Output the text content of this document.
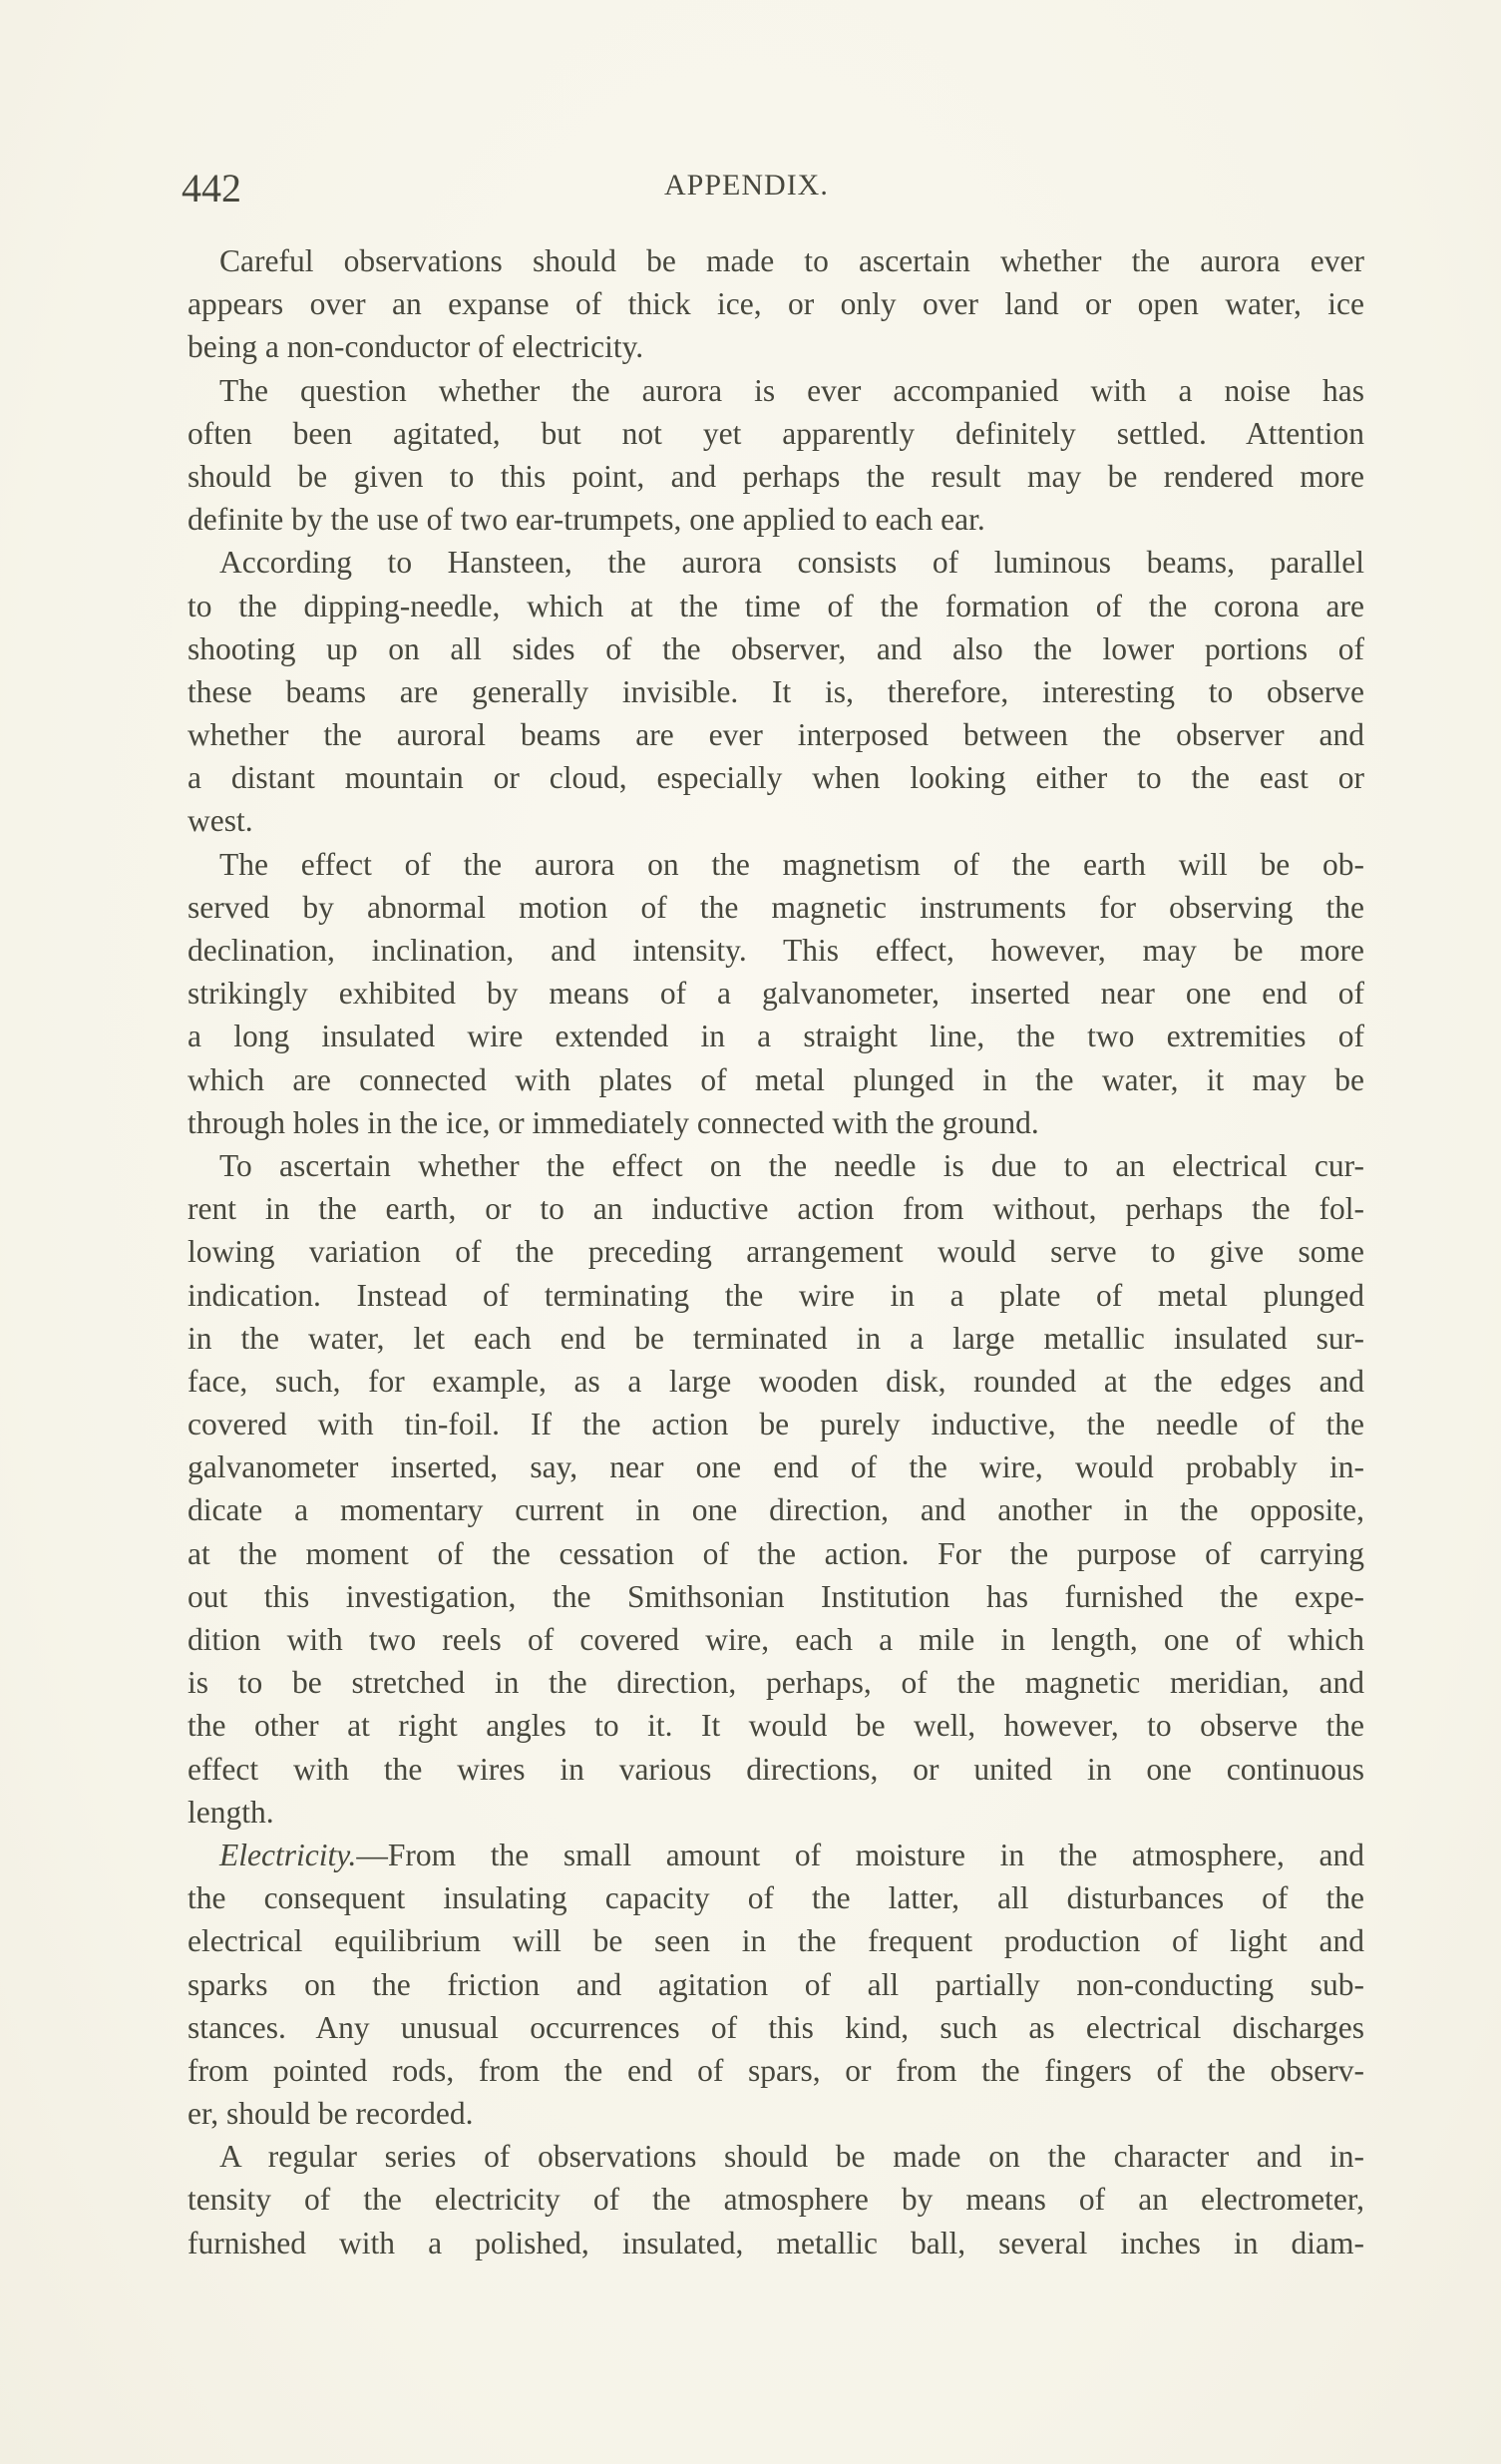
442	APPENDIX.
Careful observations should be made to ascertain whether the aurora ever
appears over an expanse of thick ice, or only over land or open water, ice
being a non-conductor of electricity.
The question whether the aurora is ever accompanied with a noise has
often been agitated, but not yet apparently definitely settled. Attention
should be given to this point, and perhaps the result may be rendered more
definite by the use of two ear-trumpets, one applied to each ear.
According to Hansteen, the aurora consists of luminous beams, parallel
to the dipping-needle, which at the time of the formation of the corona are
shooting up on all sides of the observer, and also the lower portions of
these beams are generally invisible. It is, therefore, interesting to observe
whether the auroral beams are ever interposed between the observer and
a distant mountain or cloud, especially when looking either to the east or
west.
The effect of the aurora on the magnetism of the earth will be ob-
served by abnormal motion of the magnetic instruments for observing the
declination, inclination, and intensity. This effect, however, may be more
strikingly exhibited by means of a galvanometer, inserted near one end of
a long insulated wire extended in a straight line, the two extremities of
which are connected with plates of metal plunged in the water, it may be
through holes in the ice, or immediately connected with the ground.
To ascertain whether the effect on the needle is due to an electrical cur-
rent in the earth, or to an inductive action from without, perhaps the fol-
lowing variation of the preceding arrangement would serve to give some
indication. Instead of terminating the wire in a plate of metal plunged
in the water, let each end be terminated in a large metallic insulated sur-
face, such, for example, as a large wooden disk, rounded at the edges and
covered with tin-foil. If the action be purely inductive, the needle of the
galvanometer inserted, say, near one end of the wire, would probably in-
dicate a momentary current in one direction, and another in the opposite,
at the moment of the cessation of the action. For the purpose of carrying
out this investigation, the Smithsonian Institution has furnished the expe-
dition with two reels of covered wire, each a mile in length, one of which
is to be stretched in the direction, perhaps, of the magnetic meridian, and
the other at right angles to it. It would be well, however, to observe the
effect with the wires in various directions, or united in one continuous
length.
Electricity.—From the small amount of moisture in the atmosphere, and
the consequent insulating capacity of the latter, all disturbances of the
electrical equilibrium will be seen in the frequent production of light and
sparks on the friction and agitation of all partially non-conducting sub-
stances. Any unusual occurrences of this kind, such as electrical discharges
from pointed rods, from the end of spars, or from the fingers of the observ-
er, should be recorded.
A regular series of observations should be made on the character and in-
tensity of the electricity of the atmosphere by means of an electrometer,
furnished with a polished, insulated, metallic ball, several inches in diam-
